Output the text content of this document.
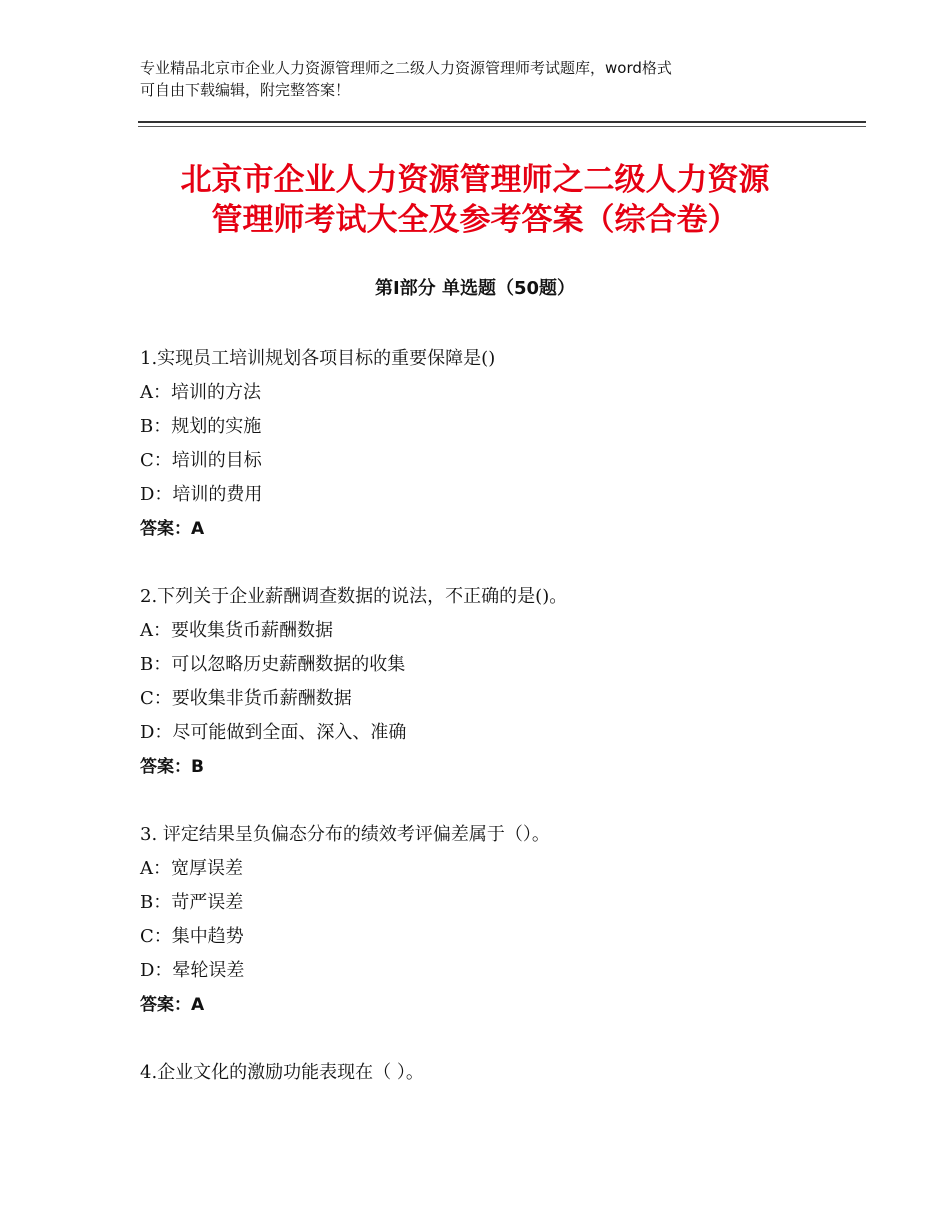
专业精品北京市企业人力资源管理师之二级人力资源管理师考试题库，word格式
可自由下载编辑，附完整答案！
北京市企业人力资源管理师之二级人力资源
管理师考试大全及参考答案（综合卷）
第Ⅰ部分 单选题（50题）
1.实现员工培训规划各项目标的重要保障是()
A：培训的方法
B：规划的实施
C：培训的目标
D：培训的费用
答案：A
2.下列关于企业薪酬调查数据的说法，不正确的是()。
A：要收集货币薪酬数据
B：可以忽略历史薪酬数据的收集
C：要收集非货币薪酬数据
D：尽可能做到全面、深入、准确
答案：B
3. 评定结果呈负偏态分布的绩效考评偏差属于（）。
A：宽厚误差
B：苛严误差
C：集中趋势
D：晕轮误差
答案：A
4.企业文化的激励功能表现在（ ）。
